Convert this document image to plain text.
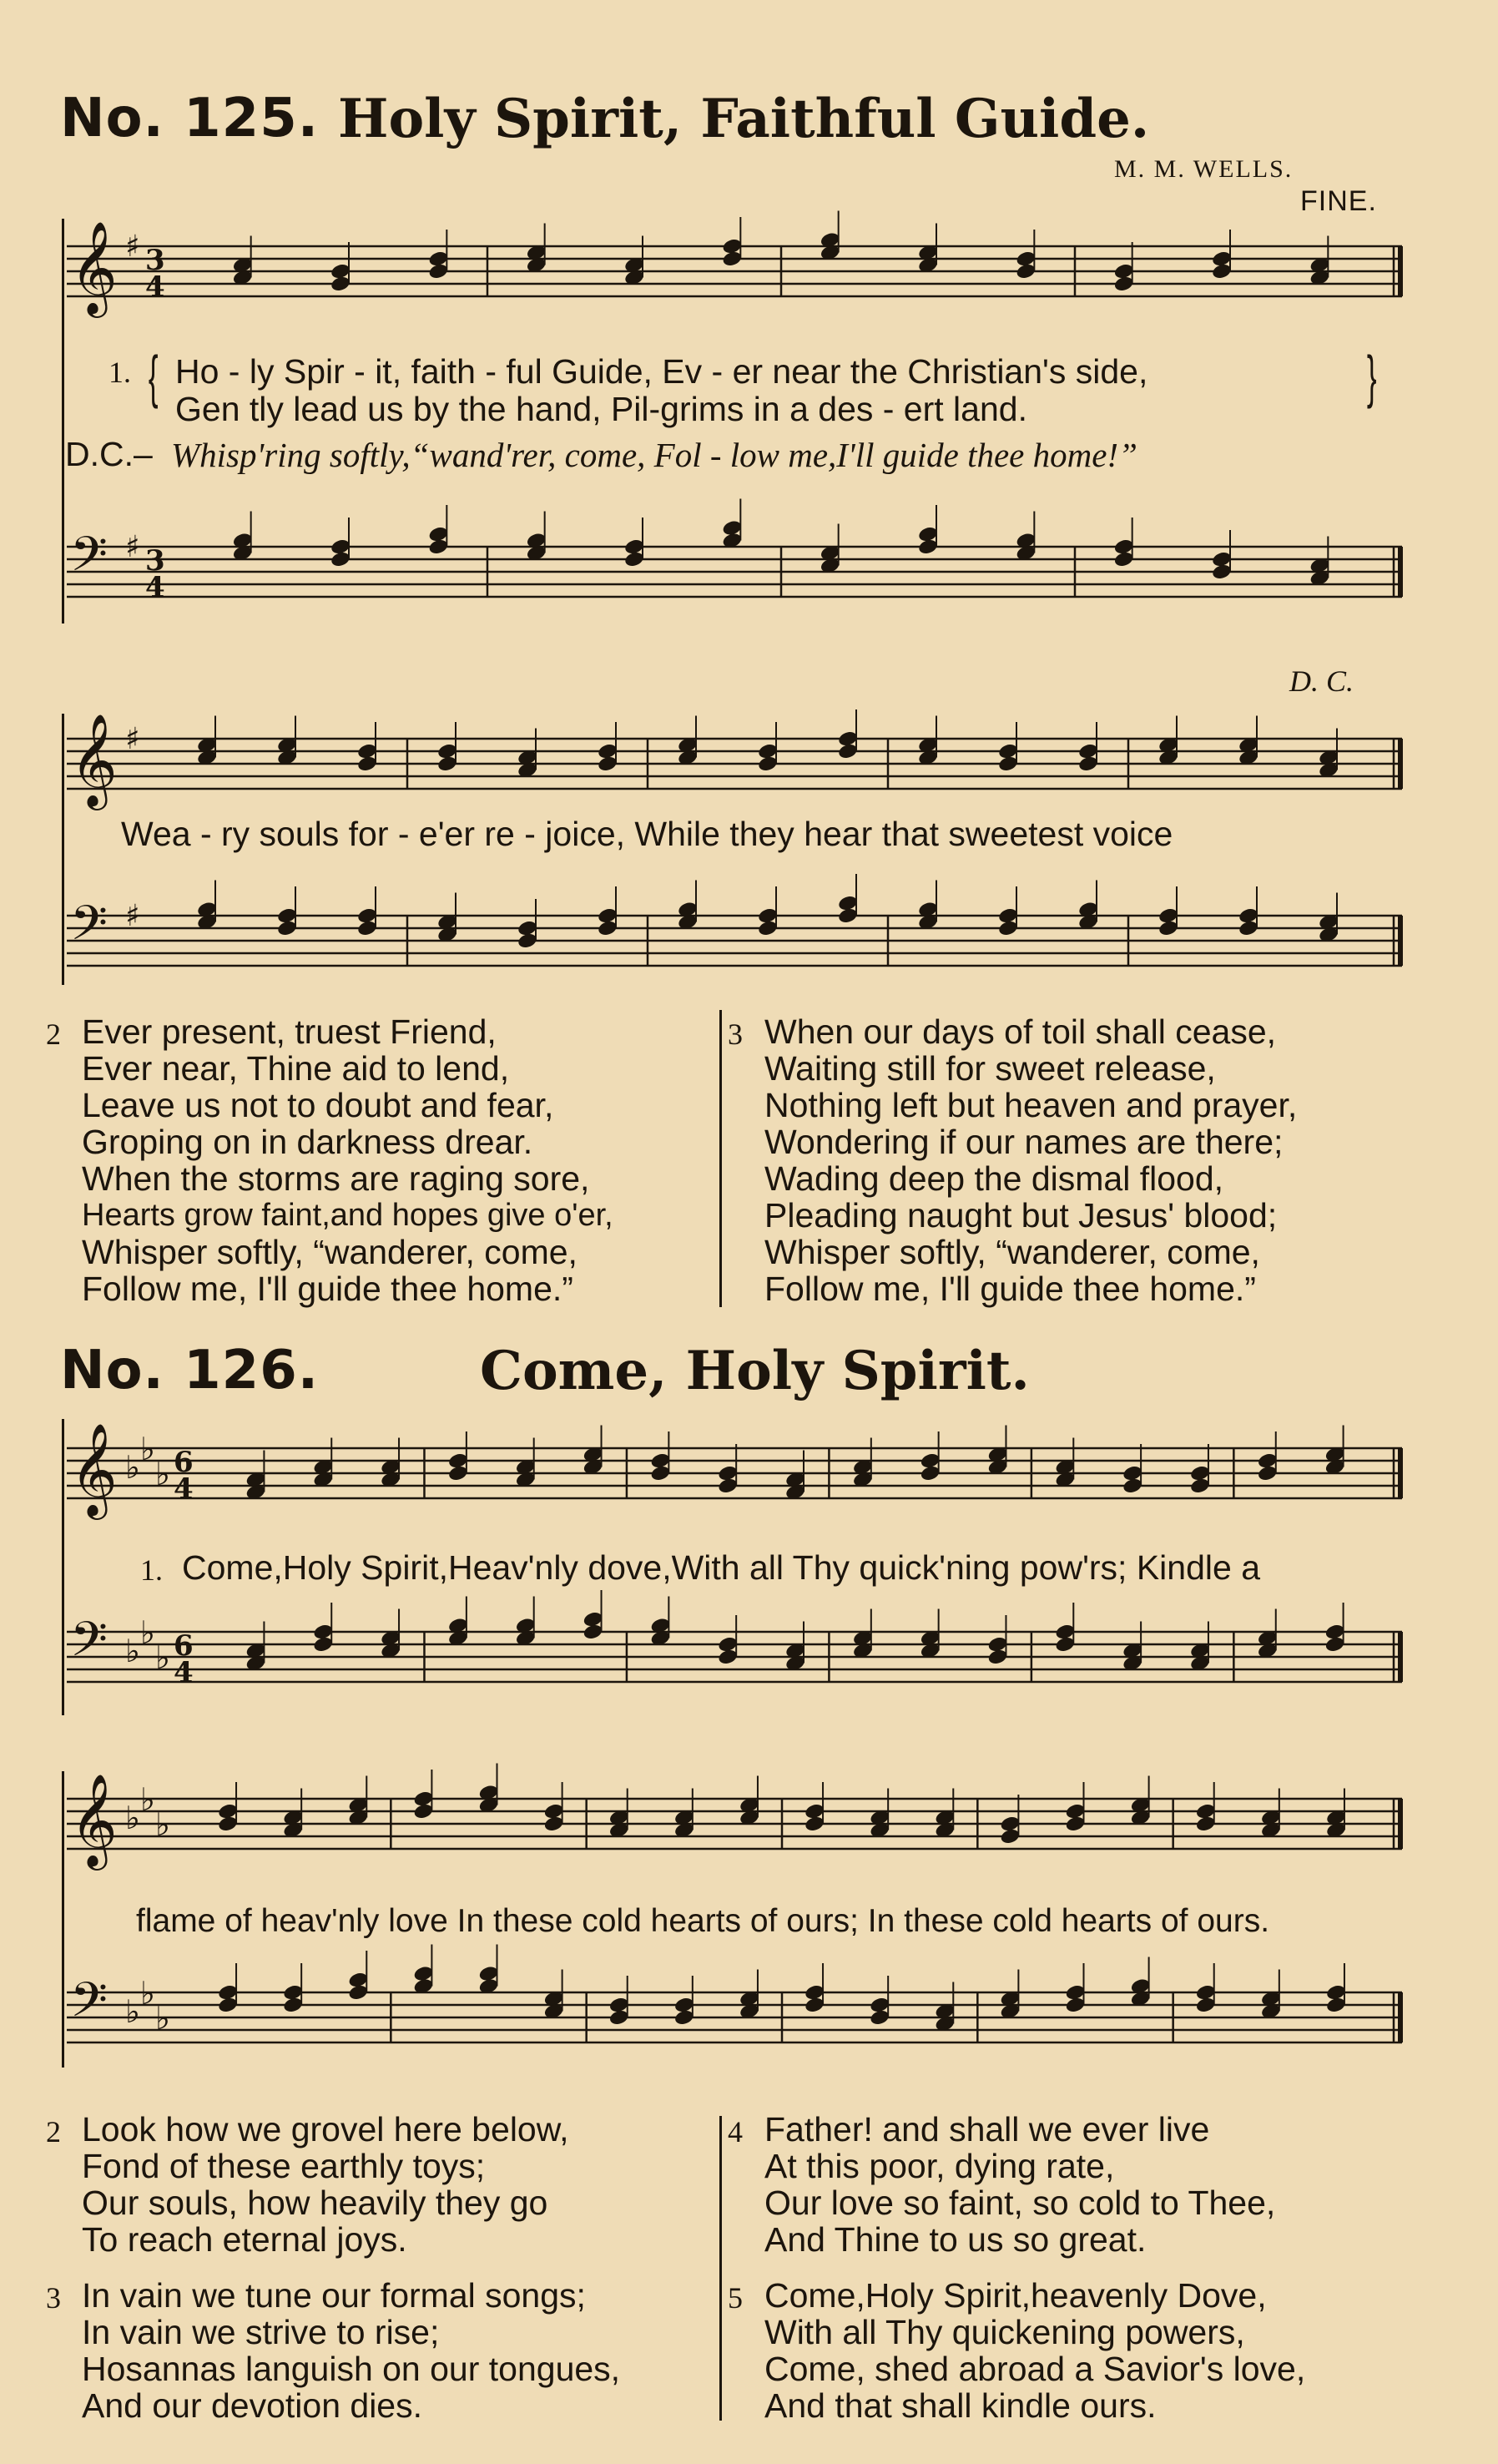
No. 125. Holy Spirit, Faithful Guide.
M. M. WELLS.
FINE.
𝄞 ♯ 3
4
1. { Ho - ly Spir - it, faith - ful Guide, Ev - er near the Christian's side,
Gen tly lead us by the hand, Pil-grims in a des - ert land.	}
D.C.– Whisp'ring softly,“wand'rer, come, Fol - low me,I'll guide thee home!”
𝄢 ♯ 3
4
D. C.
𝄞 ♯
Wea - ry souls for - e'er re - joice, While they hear that sweetest voice
𝄢 ♯
2 Ever present, truest Friend,
Ever near, Thine aid to lend,
Leave us not to doubt and fear,
Groping on in darkness drear.
When the storms are raging sore,
Hearts grow faint,and hopes give o'er,
Whisper softly, “wanderer, come,
Follow me, I'll guide thee home.”
3 When our days of toil shall cease,
Waiting still for sweet release,
Nothing left but heaven and prayer,
Wondering if our names are there;
Wading deep the dismal flood,
Pleading naught but Jesus' blood;
Whisper softly, “wanderer, come,
Follow me, I'll guide thee home.”
No. 126.	Come, Holy Spirit.
𝄞 ♭ ♭
♭ 6
4
1. Come,Holy Spirit,Heav'nly dove,With all Thy quick'ning pow'rs; Kindle a
𝄢 ♭ ♭
♭ 6
4
𝄞 ♭ ♭
♭
flame of heav'nly love In these cold hearts of ours; In these cold hearts of ours.
𝄢 ♭ ♭
♭
2 Look how we grovel here below,
Fond of these earthly toys;
Our souls, how heavily they go
To reach eternal joys.
3 In vain we tune our formal songs;
In vain we strive to rise;
Hosannas languish on our tongues,
And our devotion dies.
4 Father! and shall we ever live
At this poor, dying rate,
Our love so faint, so cold to Thee,
And Thine to us so great.
5 Come,Holy Spirit,heavenly Dove,
With all Thy quickening powers,
Come, shed abroad a Savior's love,
And that shall kindle ours.
